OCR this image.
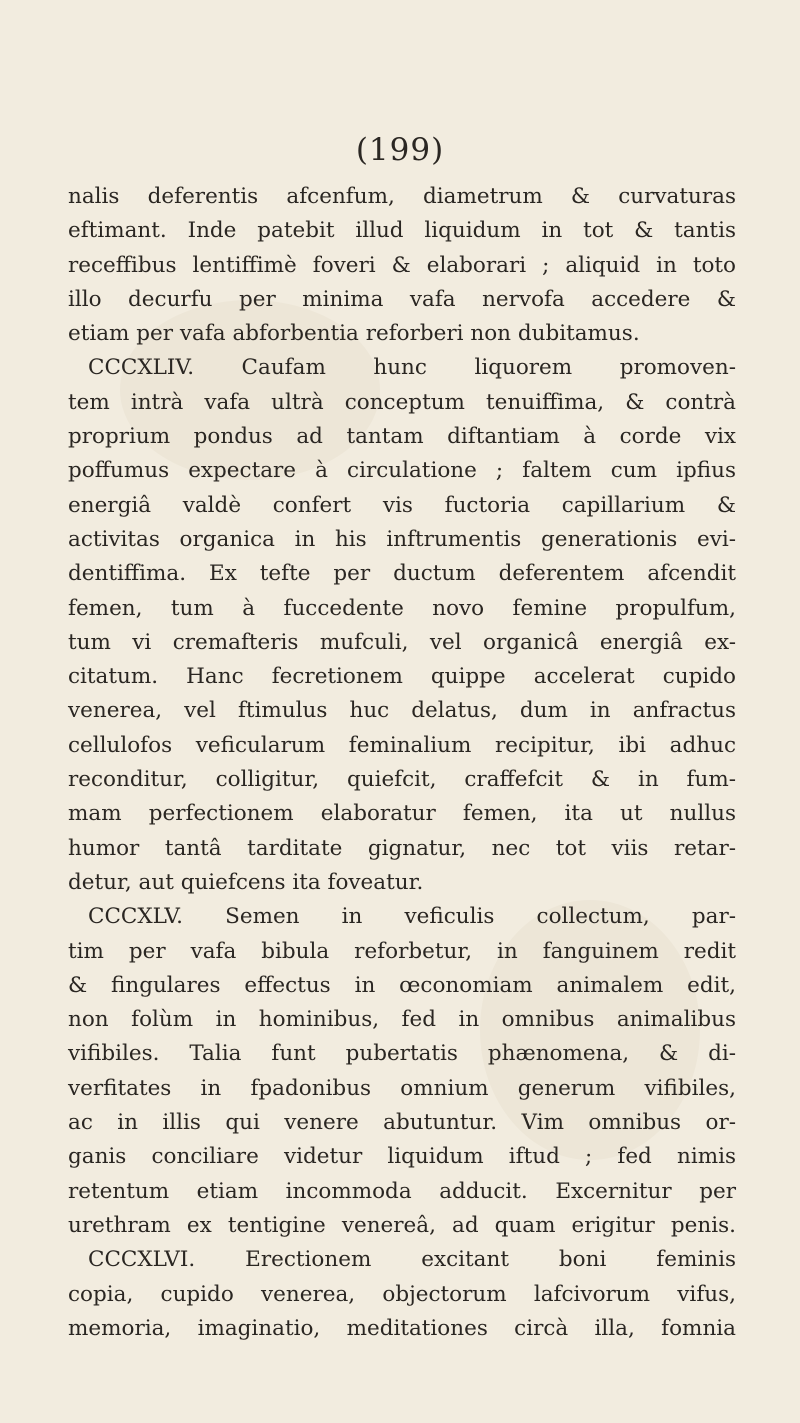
(199)
nalis deferentis afcenfum, diametrum & curvaturas
eftimant. Inde patebit illud liquidum in tot & tantis
receffibus lentiffimè foveri & elaborari ; aliquid in toto
illo decurfu per minima vafa nervofa accedere &
etiam per vafa abforbentia reforberi non dubitamus.
CCCXLIV. Caufam hunc liquorem promoven-
tem intrà vafa ultrà conceptum tenuiffima, & contrà
proprium pondus ad tantam diftantiam à corde vix
poffumus expectare à circulatione ; faltem cum ipfius
energiâ valdè confert vis fuctoria capillarium &
activitas organica in his inftrumentis generationis evi-
dentiffima. Ex tefte per ductum deferentem afcendit
femen, tum à fuccedente novo femine propulfum,
tum vi cremafteris mufculi, vel organicâ energiâ ex-
citatum. Hanc fecretionem quippe accelerat cupido
venerea, vel ftimulus huc delatus, dum in anfractus
cellulofos veficularum feminalium recipitur, ibi adhuc
reconditur, colligitur, quiefcit, craffefcit & in fum-
mam perfectionem elaboratur femen, ita ut nullus
humor tantâ tarditate gignatur, nec tot viis retar-
detur, aut quiefcens ita foveatur.
CCCXLV. Semen in veficulis collectum, par-
tim per vafa bibula reforbetur, in fanguinem redit
& fingulares effectus in œconomiam animalem edit,
non folùm in hominibus, fed in omnibus animalibus
vifibiles. Talia funt pubertatis phænomena, & di-
verfitates in fpadonibus omnium generum vifibiles,
ac in illis qui venere abutuntur. Vim omnibus or-
ganis conciliare videtur liquidum iftud ; fed nimis
retentum etiam incommoda adducit. Excernitur per
urethram ex tentigine venereâ, ad quam erigitur penis.
CCCXLVI. Erectionem excitant boni feminis
copia, cupido venerea, objectorum lafcivorum vifus,
memoria, imaginatio, meditationes circà illa, fomnia
